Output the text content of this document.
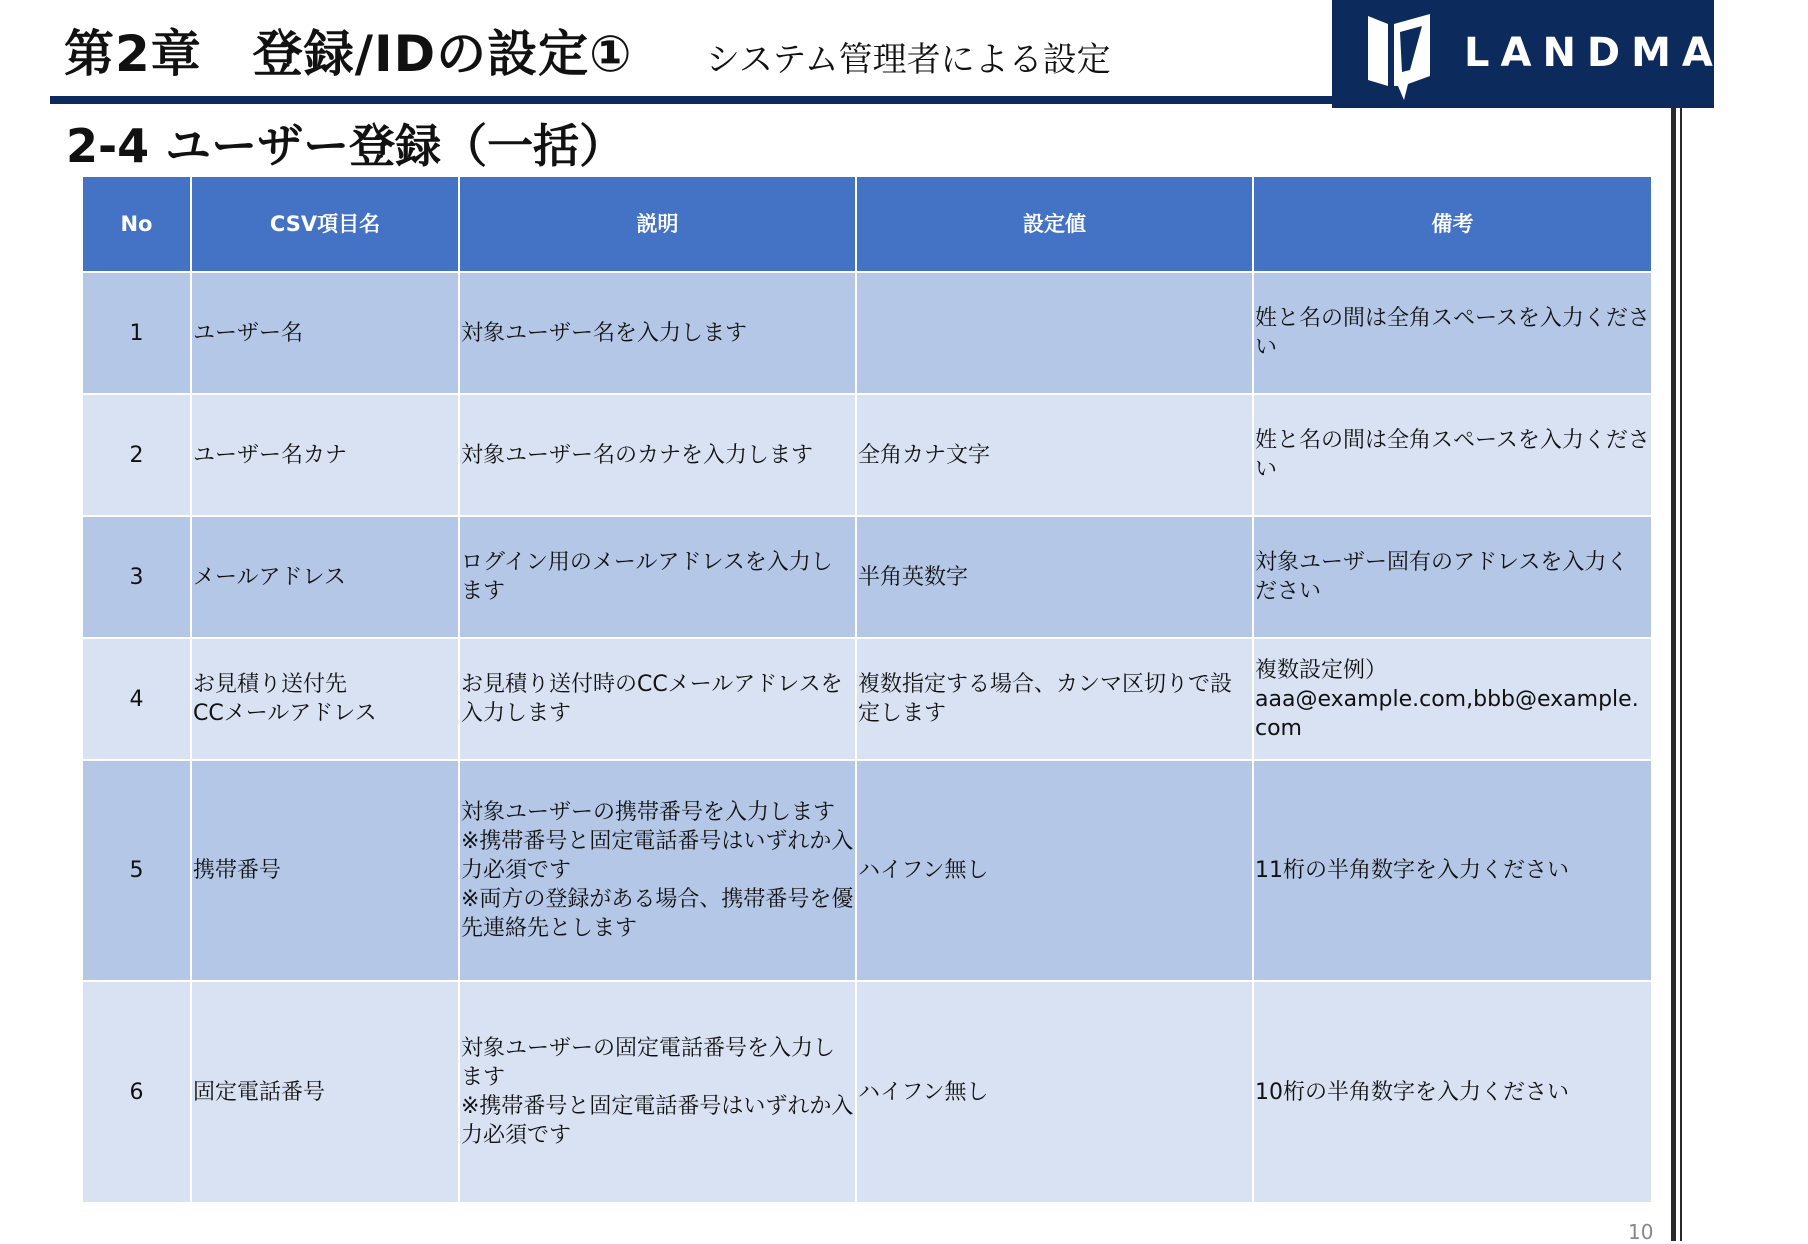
第2章　登録/IDの設定① システム管理者による設定	LANDMARK
2-4 ユーザー登録（一括）
No	CSV項目名	説明	設定値	備考
1	ユーザー名	対象ユーザー名を入力します		姓と名の間は全角スペースを入力ください
2	ユーザー名カナ	対象ユーザー名のカナを入力します	全角カナ文字	姓と名の間は全角スペースを入力ください
3	メールアドレス	ログイン用のメールアドレスを入力します	半角英数字	対象ユーザー固有のアドレスを入力ください
4	お見積り送付先
CCメールアドレス	お見積り送付時のCCメールアドレスを入力します	複数指定する場合、カンマ区切りで設定します	複数設定例）
aaa@example.com,bbb@example.com
5	携帯番号	対象ユーザーの携帯番号を入力します
※携帯番号と固定電話番号はいずれか入力必須です
※両方の登録がある場合、携帯番号を優先連絡先とします	ハイフン無し	11桁の半角数字を入力ください
6	固定電話番号	対象ユーザーの固定電話番号を入力します
※携帯番号と固定電話番号はいずれか入力必須です	ハイフン無し	10桁の半角数字を入力ください
10
